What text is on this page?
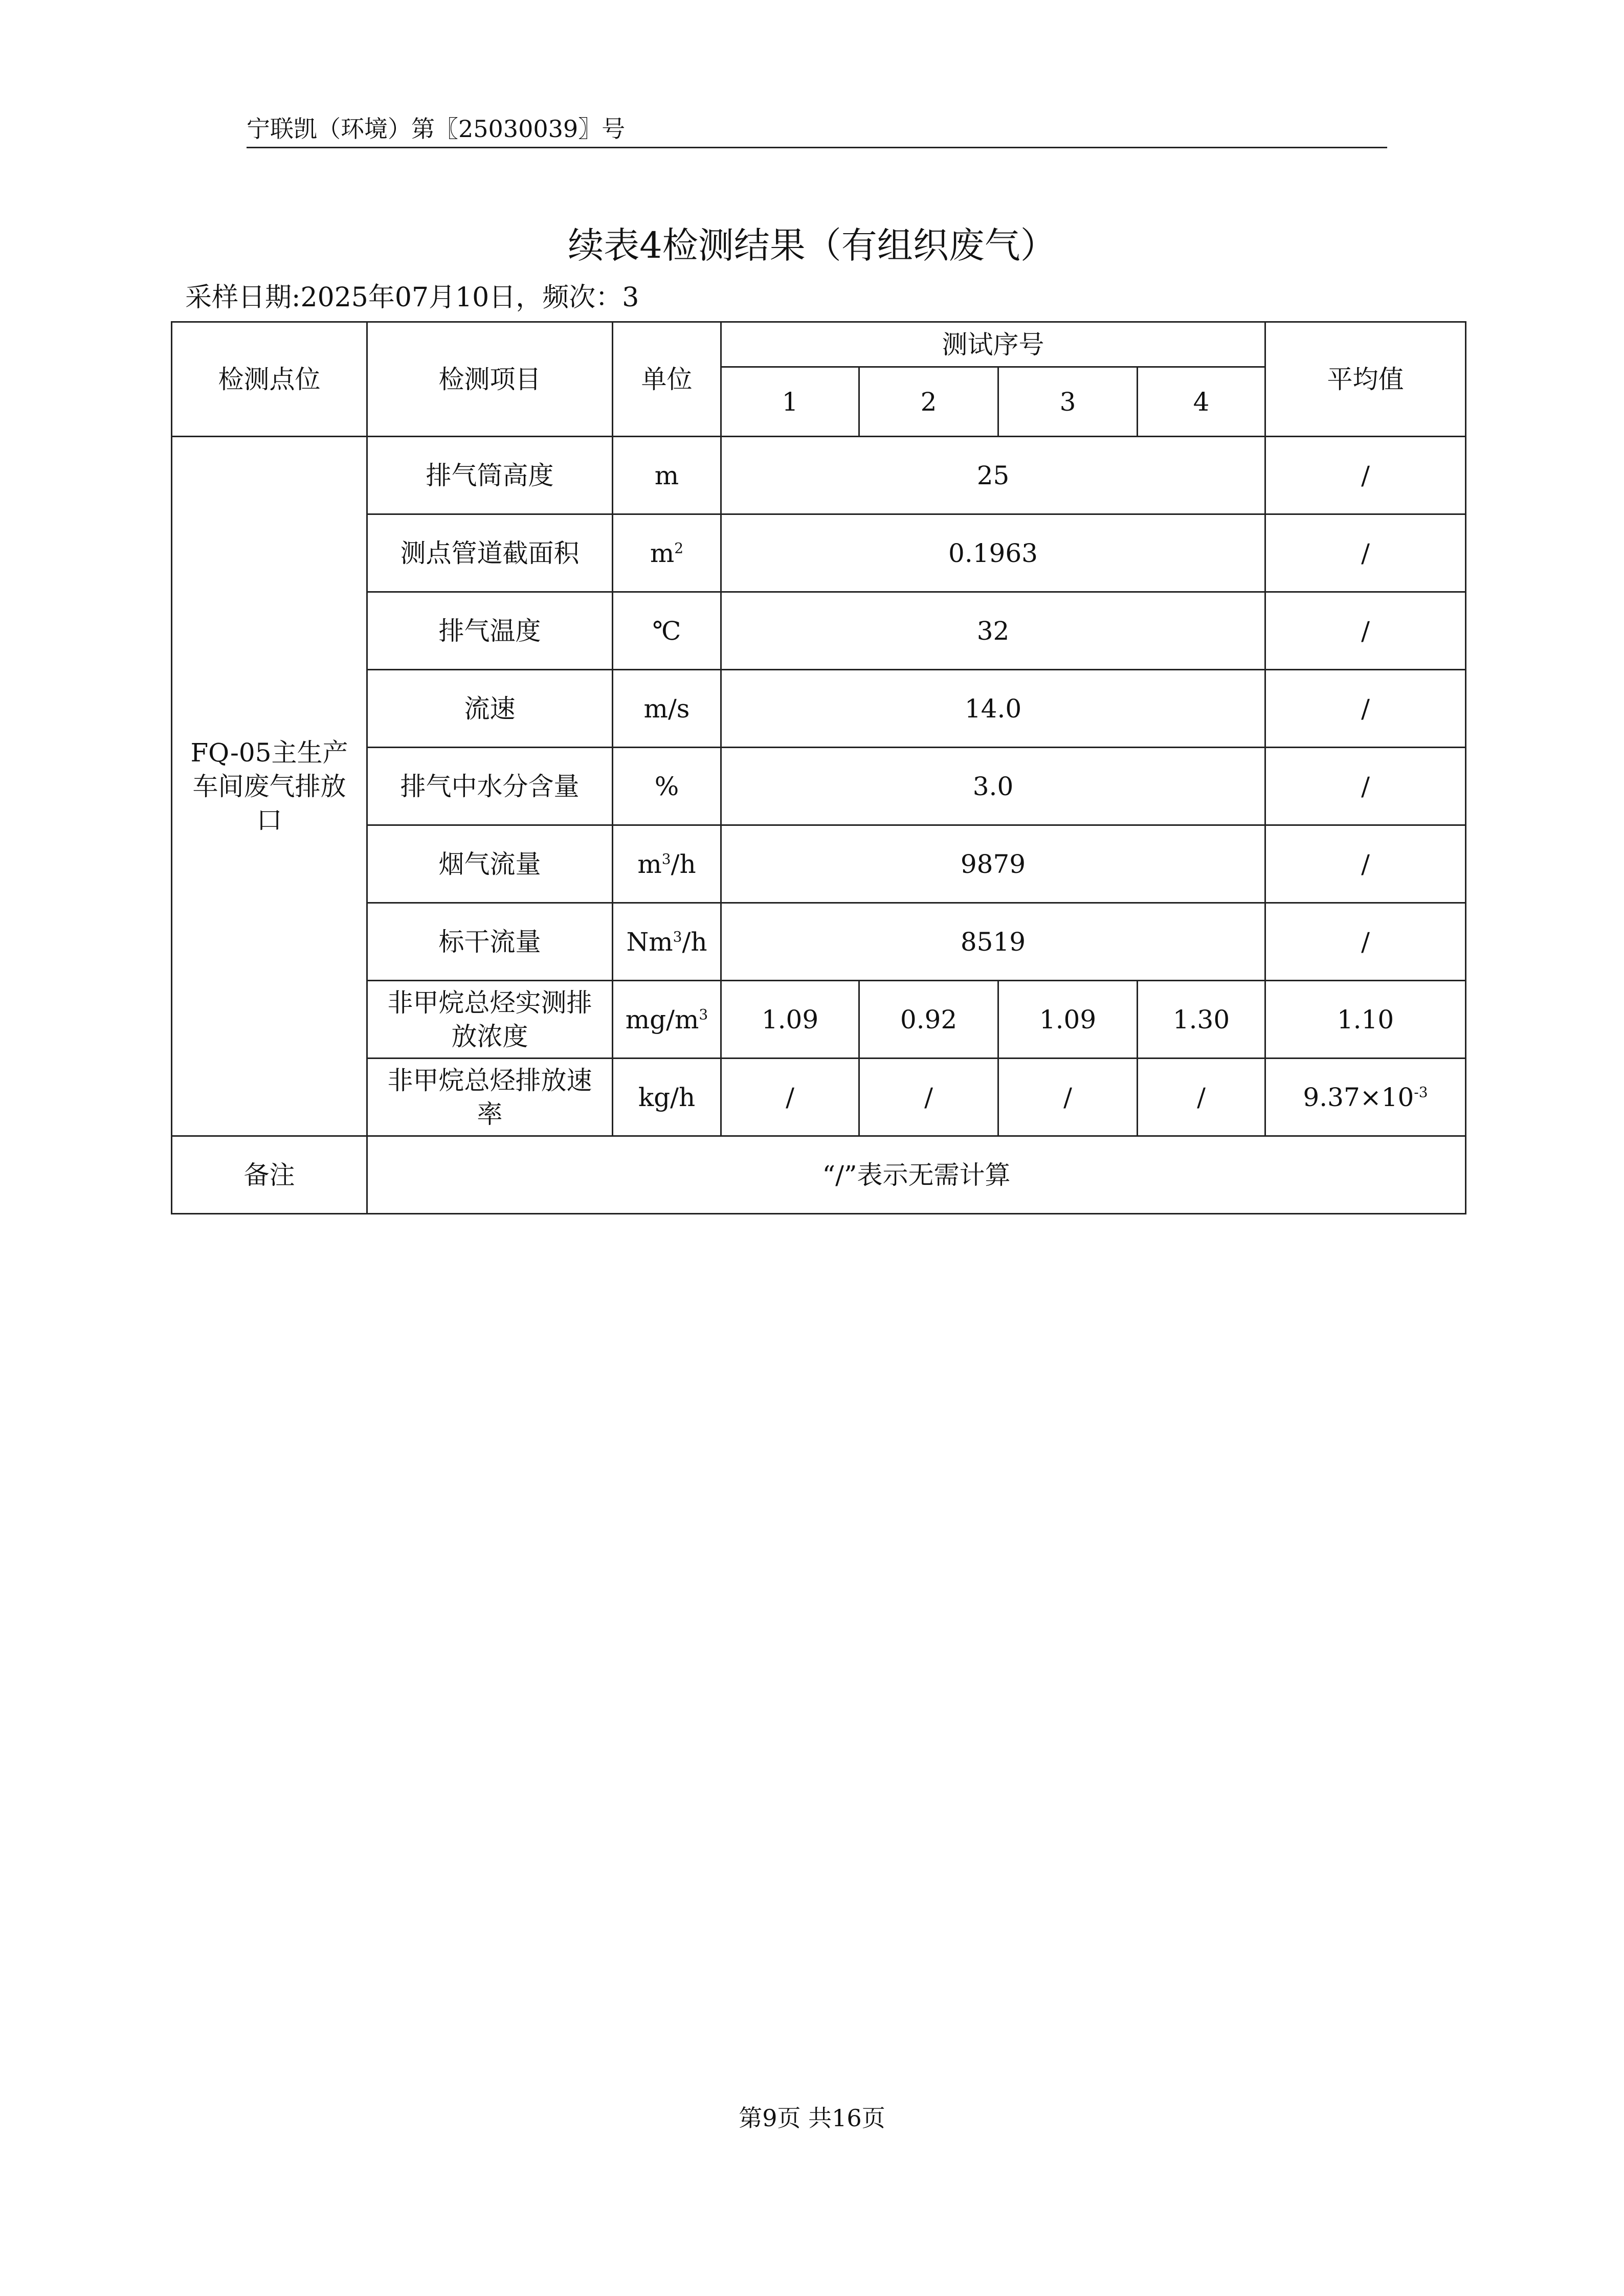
宁联凯（环境）第〖25030039〗号
续表4检测结果（有组织废气）
采样日期:2025年07月10日，频次：3
检测点位	检测项目	单位	测试序号				平均值
			1	2	3	4	
FQ-05主生产车间废气排放口	排气筒高度	m	25				/
	测点管道截面积	$m^2$	0.1963				/
	排气温度	℃	32				/
	流速	m/s	14.0				/
	排气中水分含量	%	3.0				/
	烟气流量	$m^3/h$	9879				/
	标干流量	Nm$^3$/h	8519				/
	非甲烷总烃实测排放浓度	$mg/m^3$	1.09	0.92	1.09	1.30	1.10
	非甲烷总烃排放速率	kg/h	/	/	/	/	$9.37\times 10^{-3}$
备注	“/”表示无需计算						
第9页 共16页
